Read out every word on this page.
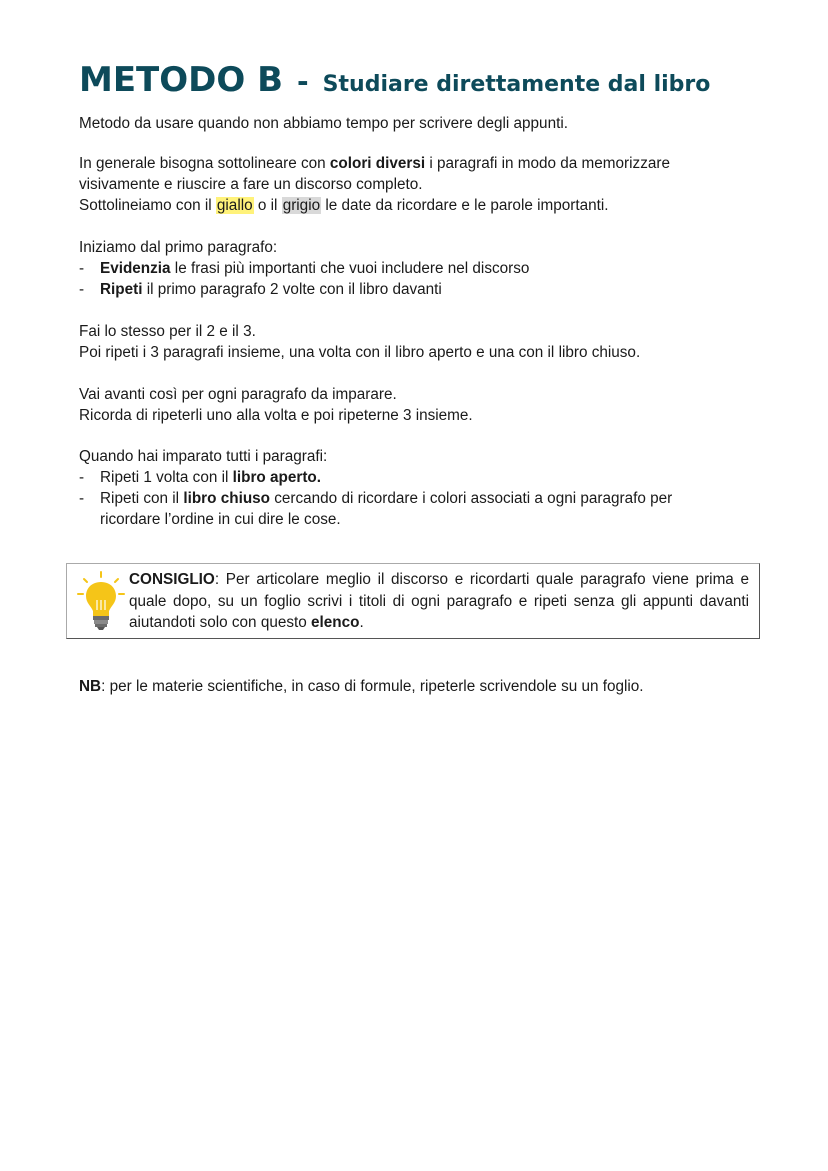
METODO B - Studiare direttamente dal libro
Metodo da usare quando non abbiamo tempo per scrivere degli appunti.
In generale bisogna sottolineare con colori diversi i paragrafi in modo da memorizzare
visivamente e riuscire a fare un discorso completo.
Sottolineiamo con il giallo o il grigio le date da ricordare e le parole importanti.
Iniziamo dal primo paragrafo:
- Evidenzia le frasi più importanti che vuoi includere nel discorso
- Ripeti il primo paragrafo 2 volte con il libro davanti
Fai lo stesso per il 2 e il 3.
Poi ripeti i 3 paragrafi insieme, una volta con il libro aperto e una con il libro chiuso.
Vai avanti così per ogni paragrafo da imparare.
Ricorda di ripeterli uno alla volta e poi ripeterne 3 insieme.
Quando hai imparato tutti i paragrafi:
- Ripeti 1 volta con il libro aperto.
- Ripeti con il libro chiuso cercando di ricordare i colori associati a ogni paragrafo per
ricordare l’ordine in cui dire le cose.
CONSIGLIO: Per articolare meglio il discorso e ricordarti quale paragrafo viene prima e quale dopo, su un foglio scrivi i titoli di ogni paragrafo e ripeti senza gli appunti davanti aiutandoti solo con questo elenco.
NB: per le materie scientifiche, in caso di formule, ripeterle scrivendole su un foglio.
